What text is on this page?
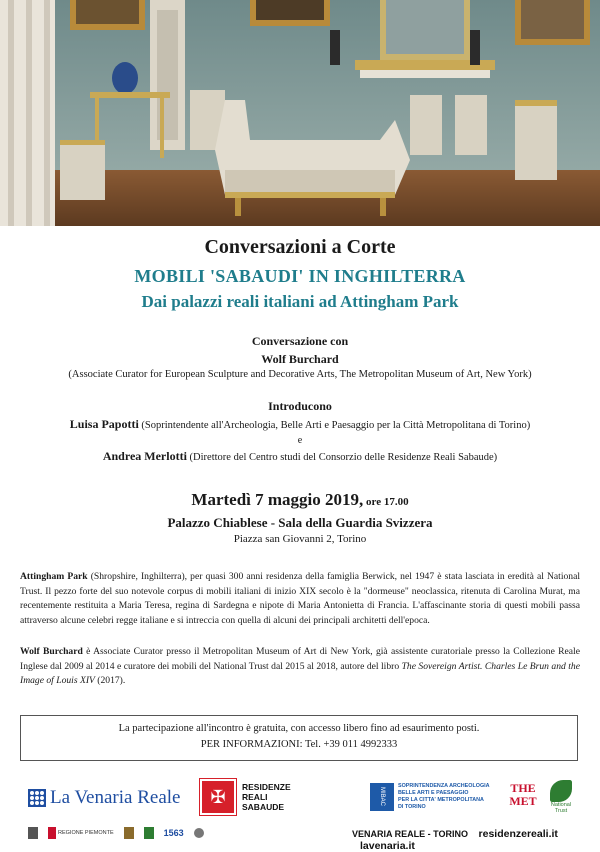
Conversazioni a Corte
MOBILI 'SABAUDI' IN INGHILTERRA
Dai palazzi reali italiani ad Attingham Park
Conversazione con
Wolf Burchard
(Associate Curator for European Sculpture and Decorative Arts, The Metropolitan Museum of Art, New York)
Introducono
Luisa Papotti (Soprintendente all'Archeologia, Belle Arti e Paesaggio per la Città Metropolitana di Torino)
e
Andrea Merlotti (Direttore del Centro studi del Consorzio delle Residenze Reali Sabaude)
Martedì 7 maggio 2019, ore 17.00
Palazzo Chiablese - Sala della Guardia Svizzera
Piazza san Giovanni 2, Torino
Attingham Park (Shropshire, Inghilterra), per quasi 300 anni residenza della famiglia Berwick, nel 1947 è stata lasciata in eredità al National Trust. Il pezzo forte del suo notevole corpus di mobili italiani di inizio XIX secolo è la "dormeuse" neoclassica, ritenuta di Carolina Murat, ma recentemente restituita a Maria Teresa, regina di Sardegna e nipote di Maria Antonietta di Francia. L'affascinante storia di questi mobili passa attraverso alcune celebri regge italiane e si intreccia con quella di alcuni dei principali architetti dell'epoca.
Wolf Burchard è Associate Curator presso il Metropolitan Museum of Art di New York, già assistente curatoriale presso la Collezione Reale Inglese dal 2009 al 2014 e curatore dei mobili del National Trust dal 2015 al 2018, autore del libro The Sovereign Artist. Charles Le Brun and the Image of Louis XIV (2017).
La partecipazione all'incontro è gratuita, con accesso libero fino ad esaurimento posti.
PER INFORMAZIONI: Tel. +39 011 4992333
La Venaria Reale	✠	RESIDENZE
REALI
SABAUDE
MIBAC
SOPRINTENDENZA ARCHEOLOGIA
BELLE ARTI E PAESAGGIO
PER LA CITTA' METROPOLITANA
DI TORINO
THE
MET	National
Trust
REGIONE PIEMONTE	1563	VENARIA REALE - TORINO residenzereali.it lavenaria.it
